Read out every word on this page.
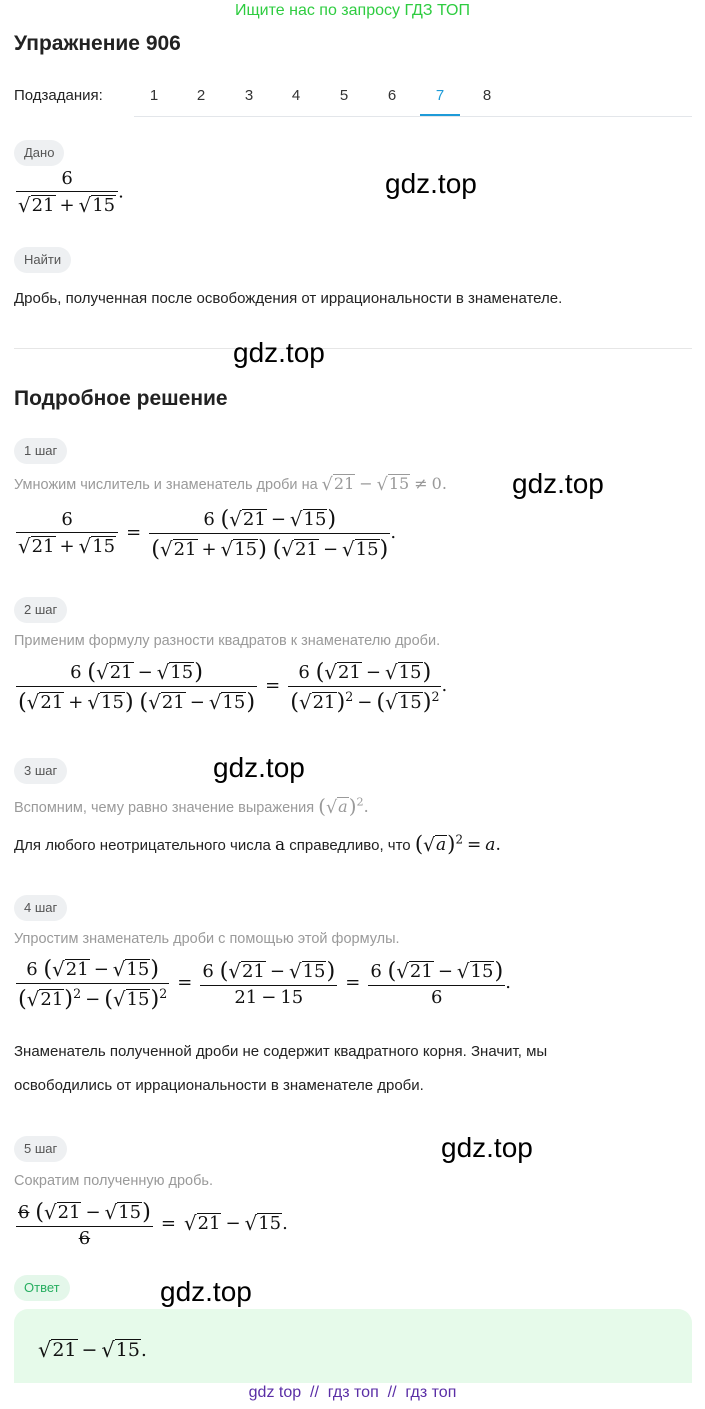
Ищите нас по запросу ГДЗ ТОП
Упражнение 906
Подзадания:	1	2	3	4	5	6	7	8
Дано
$\frac{6}{√21 + √15}$ .
Найти
Дробь, полученная после освобождения от иррациональности в знаменателе.
Подробное решение
1 шаг
Умножим числитель и знаменатель дроби на √21 − √15 ≠ 0.
$\frac{6}{√21 + √15} = \frac{6 (√21 - √15)}{(√21 + √15) (√21 - √15)}$ .
2 шаг
Применим формулу разности квадратов к знаменателю дроби.
$\frac{6 (√21 - √15)}{(√21 + √15) (√21 - √15)} = \frac{6 (√21 - √15)}{(√21)^2 - (√15)^2}$ .
3 шаг
Вспомним, чему равно значение выражения $(√a)^2$.
Для любого неотрицательного числа a справедливо, что $(√a)^2 = a$.
4 шаг
Упростим знаменатель дроби с помощью этой формулы.
$\frac{6 (√21 - √15)}{(√21)^2 - (√15)^2} = \frac{6 (√21 - √15)}{21 - 15} = \frac{6 (√21 - √15)}{6}$ .
Знаменатель полученной дроби не содержит квадратного корня. Значит, мы
освободились от иррациональности в знаменателе дроби.
5 шаг
Сократим полученную дробь.
$\frac{6 (√21 - √15)}{6} = √21 - √15$.
Ответ
√21 − √15.
gdz.top
gdz.top
gdz.top
gdz.top
gdz.top
gdz.top
gdz top  //  гдз топ  //  гдз топ
